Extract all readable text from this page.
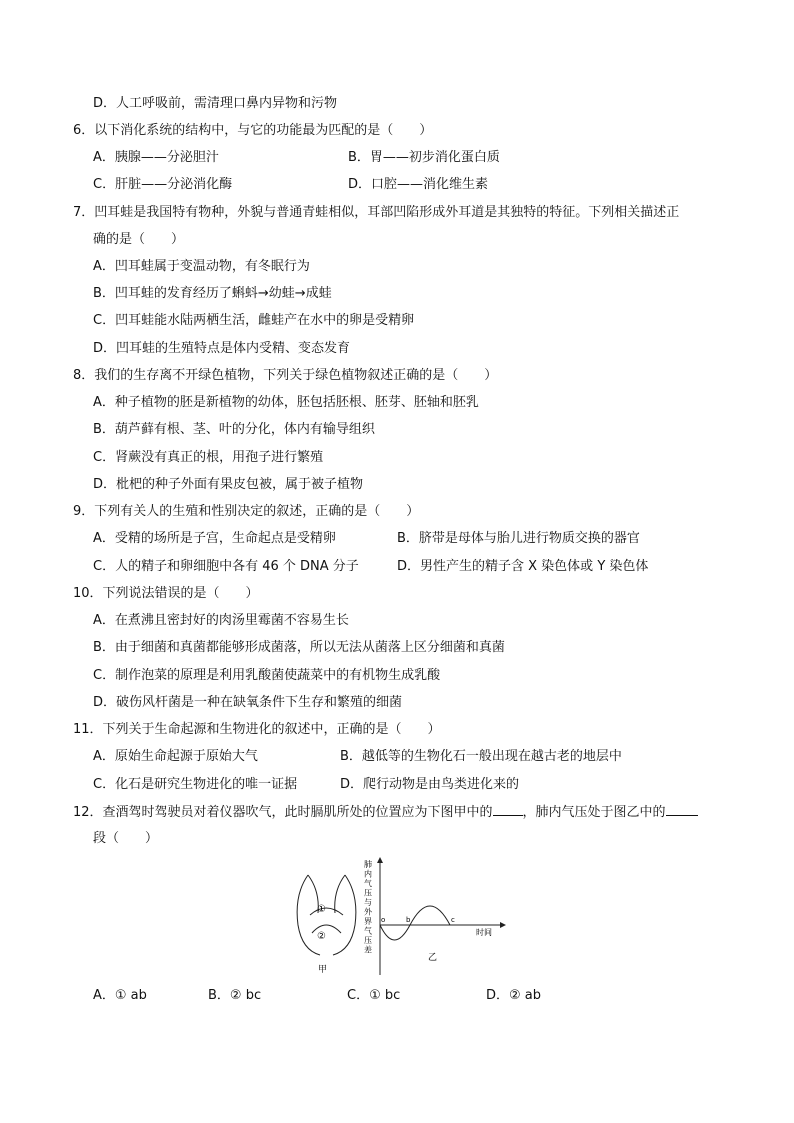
D．人工呼吸前，需清理口鼻内异物和污物
6．以下消化系统的结构中，与它的功能最为匹配的是（　　）
A．胰腺——分泌胆汁	B．胃——初步消化蛋白质
C．肝脏——分泌消化酶	D．口腔——消化维生素
7．凹耳蛙是我国特有物种，外貌与普通青蛙相似，耳部凹陷形成外耳道是其独特的特征。下列相关描述正
确的是（　　）
A．凹耳蛙属于变温动物，有冬眠行为
B．凹耳蛙的发育经历了蝌蚪→幼蛙→成蛙
C．凹耳蛙能水陆两栖生活，雌蛙产在水中的卵是受精卵
D．凹耳蛙的生殖特点是体内受精、变态发育
8．我们的生存离不开绿色植物，下列关于绿色植物叙述正确的是（　　）
A．种子植物的胚是新植物的幼体，胚包括胚根、胚芽、胚轴和胚乳
B．葫芦藓有根、茎、叶的分化，体内有输导组织
C．肾蕨没有真正的根，用孢子进行繁殖
D．枇杷的种子外面有果皮包被，属于被子植物
9．下列有关人的生殖和性别决定的叙述，正确的是（　　）
A．受精的场所是子宫，生命起点是受精卵	B．脐带是母体与胎儿进行物质交换的器官
C．人的精子和卵细胞中各有 46 个 DNA 分子	D．男性产生的精子含 X 染色体或 Y 染色体
10．下列说法错误的是（　　）
A．在煮沸且密封好的肉汤里霉菌不容易生长
B．由于细菌和真菌都能够形成菌落，所以无法从菌落上区分细菌和真菌
C．制作泡菜的原理是利用乳酸菌使蔬菜中的有机物生成乳酸
D．破伤风杆菌是一种在缺氧条件下生存和繁殖的细菌
11．下列关于生命起源和生物进化的叙述中，正确的是（　　）
A．原始生命起源于原始大气	B．越低等的生物化石一般出现在越古老的地层中
C．化石是研究生物进化的唯一证据	D．爬行动物是由鸟类进化来的
12．查酒驾时驾驶员对着仪器吹气，此时膈肌所处的位置应为下图甲中的 ，肺内气压处于图乙中的
段（　　）
①
②
甲
肺内气压与外界气压差
o	b	c
时间
乙
A．① ab	B．② bc	C．① bc	D．② ab
